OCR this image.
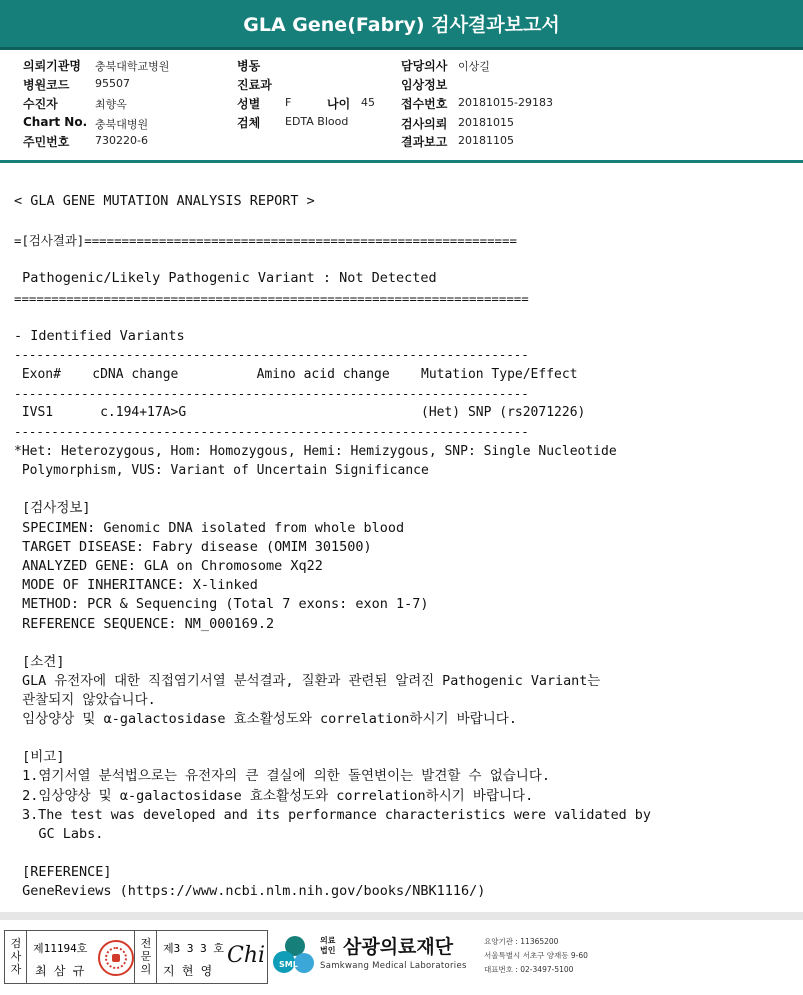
GLA Gene(Fabry) 검사결과보고서
의뢰기관명 충북대학교병원
병원코드 95507
수진자	최향옥
Chart No. 충북대병원
주민번호 730220-6
병동
진료과
성별 F	나이 45
검체 EDTA Blood
담당의사 이상길
임상정보
접수번호 20181015-29183
검사의뢰 20181015
결과보고 20181105
< GLA GENE MUTATION ANALYSIS REPORT >
=[검사결과]==========================================================
Pathogenic/Likely Pathogenic Variant : Not Detected
=====================================================================
- Identified Variants
---------------------------------------------------------------------
Exon#    cDNA change          Amino acid change    Mutation Type/Effect
---------------------------------------------------------------------
IVS1      c.194+17A>G                              (Het) SNP (rs2071226)
---------------------------------------------------------------------
*Het: Heterozygous, Hom: Homozygous, Hemi: Hemizygous, SNP: Single Nucleotide
Polymorphism, VUS: Variant of Uncertain Significance
[검사정보]
SPECIMEN: Genomic DNA isolated from whole blood
TARGET DISEASE: Fabry disease (OMIM 301500)
ANALYZED GENE: GLA on Chromosome Xq22
MODE OF INHERITANCE: X-linked
METHOD: PCR & Sequencing (Total 7 exons: exon 1-7)
REFERENCE SEQUENCE: NM_000169.2
[소견]
GLA 유전자에 대한 직접염기서열 분석결과, 질환과 관련된 알려진 Pathogenic Variant는
관찰되지 않았습니다.
임상양상 및 α-galactosidase 효소활성도와 correlation하시기 바랍니다.
[비고]
1.염기서열 분석법으로는 유전자의 큰 결실에 의한 돌연변이는 발견할 수 없습니다.
2.임상양상 및 α-galactosidase 효소활성도와 correlation하시기 바랍니다.
3.The test was developed and its performance characteristics were validated by
GC Labs.
[REFERENCE]
GeneReviews (https://www.ncbi.nlm.nih.gov/books/NBK1116/)
검
사
자
제11194호
최 삼 규
전
문
의
제3 3 3 호
지 현 영
Chi SML
의료
법인 삼광의료재단
Samkwang Medical Laboratories
요양기관 : 11365200
서울특별시 서초구 양재동 9-60
대표번호 : 02-3497-5100
